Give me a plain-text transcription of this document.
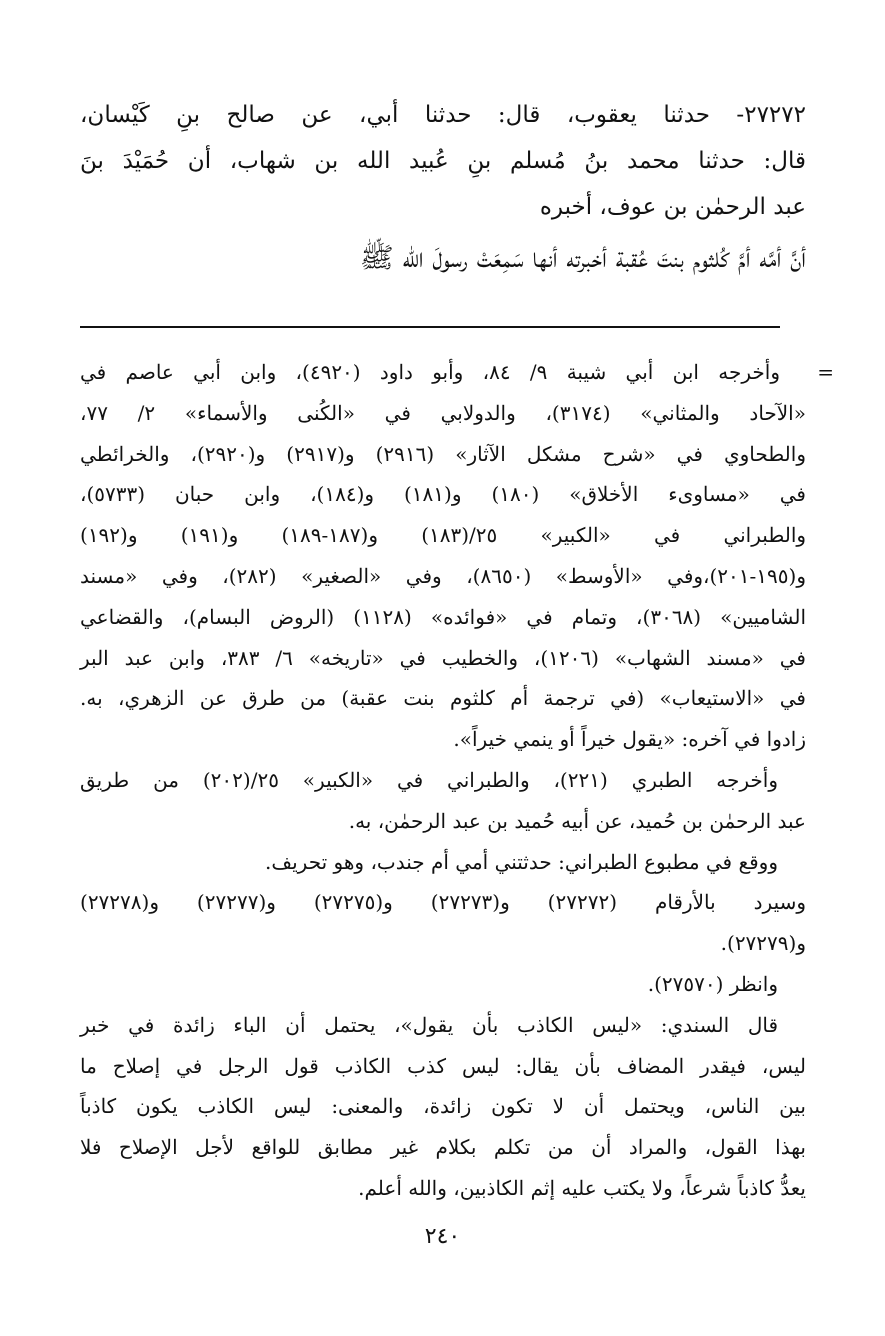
٢٧٢٧٢- حدثنا يعقوب، قال: حدثنا أبي، عن صالح بنِ كَيْسان،
قال: حدثنا محمد بنُ مُسلم بنِ عُبيد الله بن شهاب، أن حُمَيْدَ بنَ
عبد الرحمٰن بن عوف، أخبره
أنَّ أمَّه أمَّ كُلثوم بنتَ عُقبة أخبرته أنها سَمِعَتْ رسولَ الله ﷺ
=
وأخرجه ابن أبي شيبة ٩/ ٨٤، وأبو داود (٤٩٢٠)، وابن أبي عاصم في
«الآحاد والمثاني» (٣١٧٤)، والدولابي في «الكُنى والأسماء» ٢/ ٧٧،
والطحاوي في «شرح مشكل الآثار» (٢٩١٦) و(٢٩١٧) و(٢٩٢٠)، والخرائطي
في «مساوىء الأخلاق» (١٨٠) و(١٨١) و(١٨٤)، وابن حبان (٥٧٣٣)،
والطبراني في «الكبير» ٢٥/(١٨٣) و(١٨٧-١٨٩) و(١٩١) و(١٩٢)
و(١٩٥-٢٠١)،وفي «الأوسط» (٨٦٥٠)، وفي «الصغير» (٢٨٢)، وفي «مسند
الشاميين» (٣٠٦٨)، وتمام في «فوائده» (١١٢٨) (الروض البسام)، والقضاعي
في «مسند الشهاب» (١٢٠٦)، والخطيب في «تاريخه» ٦/ ٣٨٣، وابن عبد البر
في «الاستيعاب» (في ترجمة أم كلثوم بنت عقبة) من طرق عن الزهري، به.
زادوا في آخره: «يقول خيراً أو ينمي خيراً».
وأخرجه الطبري (٢٢١)، والطبراني في «الكبير» ٢٥/(٢٠٢) من طريق
عبد الرحمٰن بن حُميد، عن أبيه حُميد بن عبد الرحمٰن، به.
ووقع في مطبوع الطبراني: حدثتني أمي أم جندب، وهو تحريف.
وسيرد بالأرقام (٢٧٢٧٢) و(٢٧٢٧٣) و(٢٧٢٧٥) و(٢٧٢٧٧) و(٢٧٢٧٨)
و(٢٧٢٧٩).
وانظر (٢٧٥٧٠).
قال السندي: «ليس الكاذب بأن يقول»، يحتمل أن الباء زائدة في خبر
ليس، فيقدر المضاف بأن يقال: ليس كذب الكاذب قول الرجل في إصلاح ما
بين الناس، ويحتمل أن لا تكون زائدة، والمعنى: ليس الكاذب يكون كاذباً
بهذا القول، والمراد أن من تكلم بكلام غير مطابق للواقع لأجل الإصلاح فلا
يعدُّ كاذباً شرعاً، ولا يكتب عليه إثم الكاذبين، والله أعلم.
٢٤٠
